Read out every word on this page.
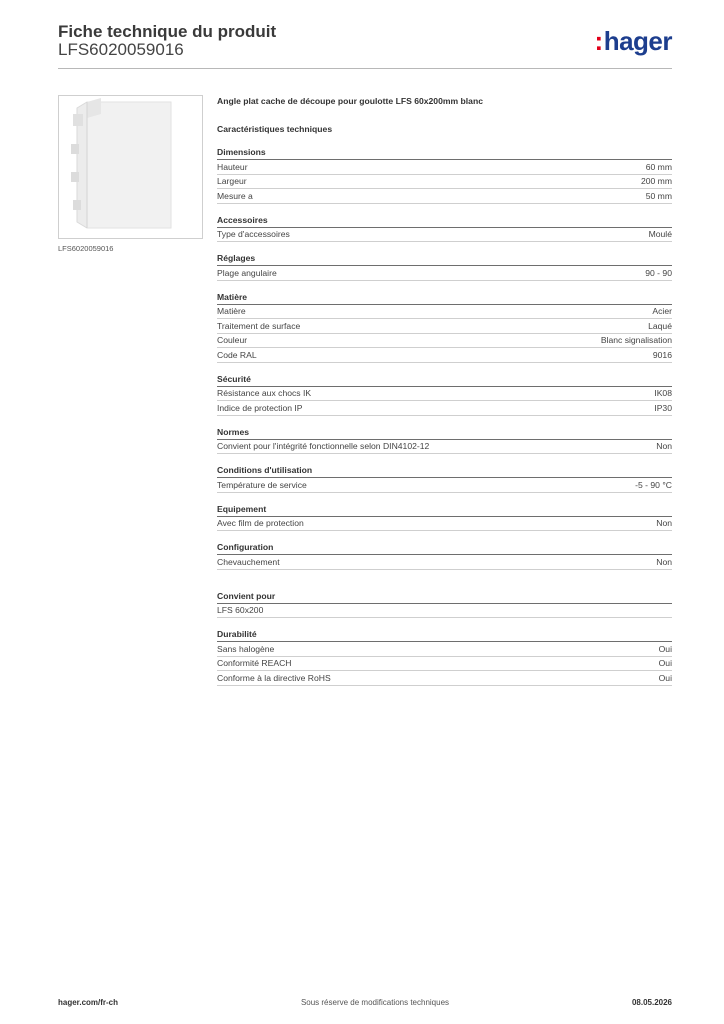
Fiche technique du produit
LFS6020059016	:hager
LFS6020059016

Angle plat cache de découpe pour goulotte LFS 60x200mm blanc

Caractéristiques techniques

Dimensions
Hauteur	60 mm
Largeur	200 mm
Mesure a	50 mm
Accessoires
Type d'accessoires	Moulé
Réglages
Plage angulaire	90 - 90
Matière
Matière	Acier
Traitement de surface	Laqué
Couleur	Blanc signalisation
Code RAL	9016
Sécurité
Résistance aux chocs IK	IK08
Indice de protection IP	IP30
Normes
Convient pour l'intégrité fonctionnelle selon DIN4102-12	Non
Conditions d'utilisation
Température de service	-5 - 90 °C
Equipement
Avec film de protection	Non
Configuration
Chevauchement	Non
Convient pour
LFS 60x200
Durabilité
Sans halogène	Oui
Conformité REACH	Oui
Conforme à la directive RoHS	Oui
hager.com/fr-ch	Sous réserve de modifications techniques	08.05.2026
